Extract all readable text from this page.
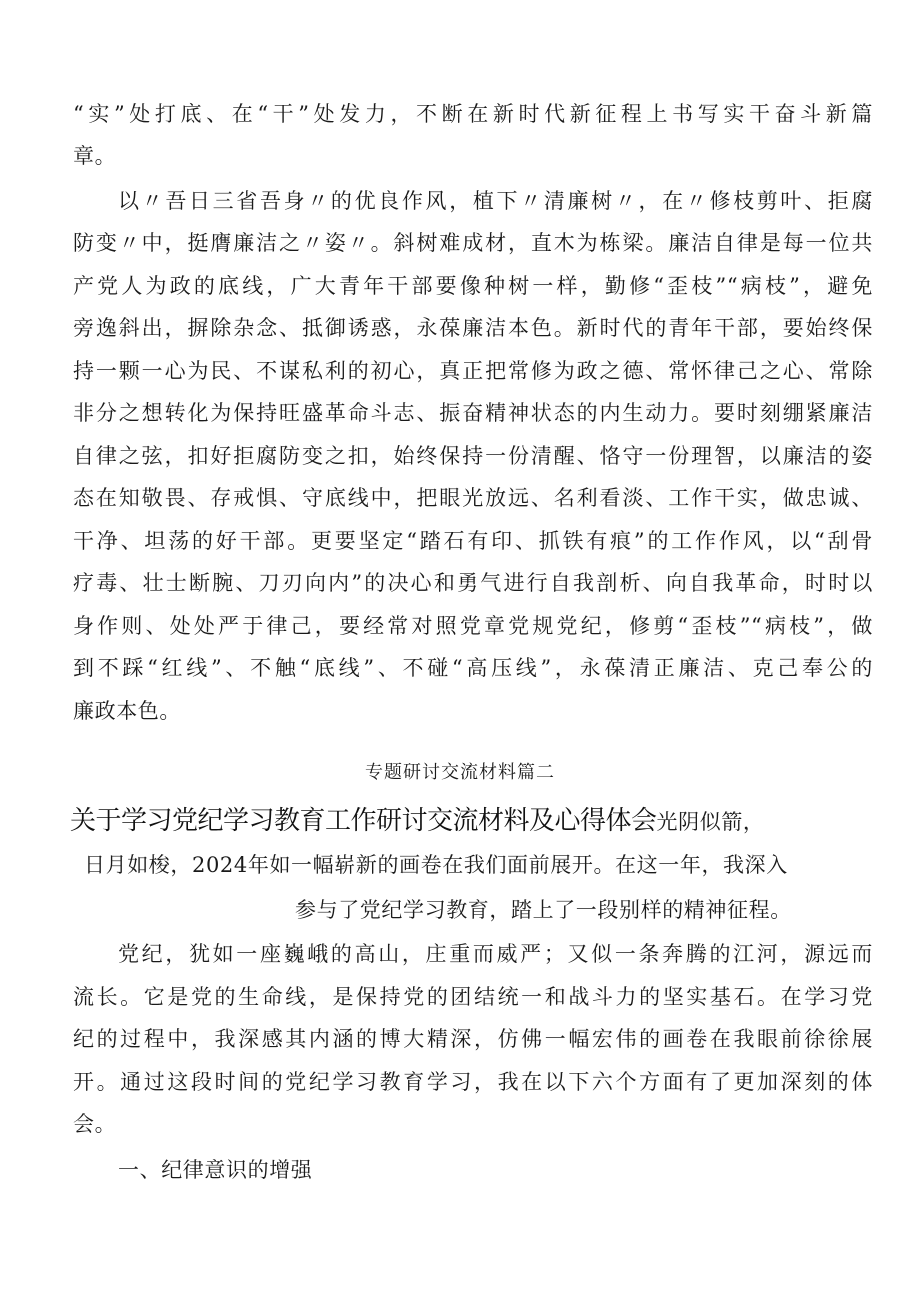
“实”处打底、在“干”处发力，不断在新时代新征程上书写实干奋斗新篇
章。
以〃吾日三省吾身〃的优良作风，植下〃清廉树〃，在〃修枝剪叶、拒腐
防变〃中，挺膺廉洁之〃姿〃。斜树难成材，直木为栋梁。廉洁自律是每一位共
产党人为政的底线，广大青年干部要像种树一样，勤修“歪枝”“病枝”，避免
旁逸斜出，摒除杂念、抵御诱惑，永葆廉洁本色。新时代的青年干部，要始终保
持一颗一心为民、不谋私利的初心，真正把常修为政之德、常怀律己之心、常除
非分之想转化为保持旺盛革命斗志、振奋精神状态的内生动力。要时刻绷紧廉洁
自律之弦，扣好拒腐防变之扣，始终保持一份清醒、恪守一份理智，以廉洁的姿
态在知敬畏、存戒惧、守底线中，把眼光放远、名利看淡、工作干实，做忠诚、
干净、坦荡的好干部。更要坚定“踏石有印、抓铁有痕”的工作作风，以“刮骨
疗毒、壮士断腕、刀刃向内”的决心和勇气进行自我剖析、向自我革命，时时以
身作则、处处严于律己，要经常对照党章党规党纪，修剪“歪枝”“病枝”，做
到不踩“红线”、不触“底线”、不碰“高压线”，永葆清正廉洁、克己奉公的
廉政本色。
专题研讨交流材料篇二
关于学习党纪学习教育工作研讨交流材料及心得体会光阴似箭，
日月如梭，2024年如一幅崭新的画卷在我们面前展开。在这一年，我深入
参与了党纪学习教育，踏上了一段别样的精神征程。
党纪，犹如一座巍峨的高山，庄重而威严；又似一条奔腾的江河，源远而
流长。它是党的生命线，是保持党的团结统一和战斗力的坚实基石。在学习党
纪的过程中，我深感其内涵的博大精深，仿佛一幅宏伟的画卷在我眼前徐徐展
开。通过这段时间的党纪学习教育学习，我在以下六个方面有了更加深刻的体
会。
一、纪律意识的增强
